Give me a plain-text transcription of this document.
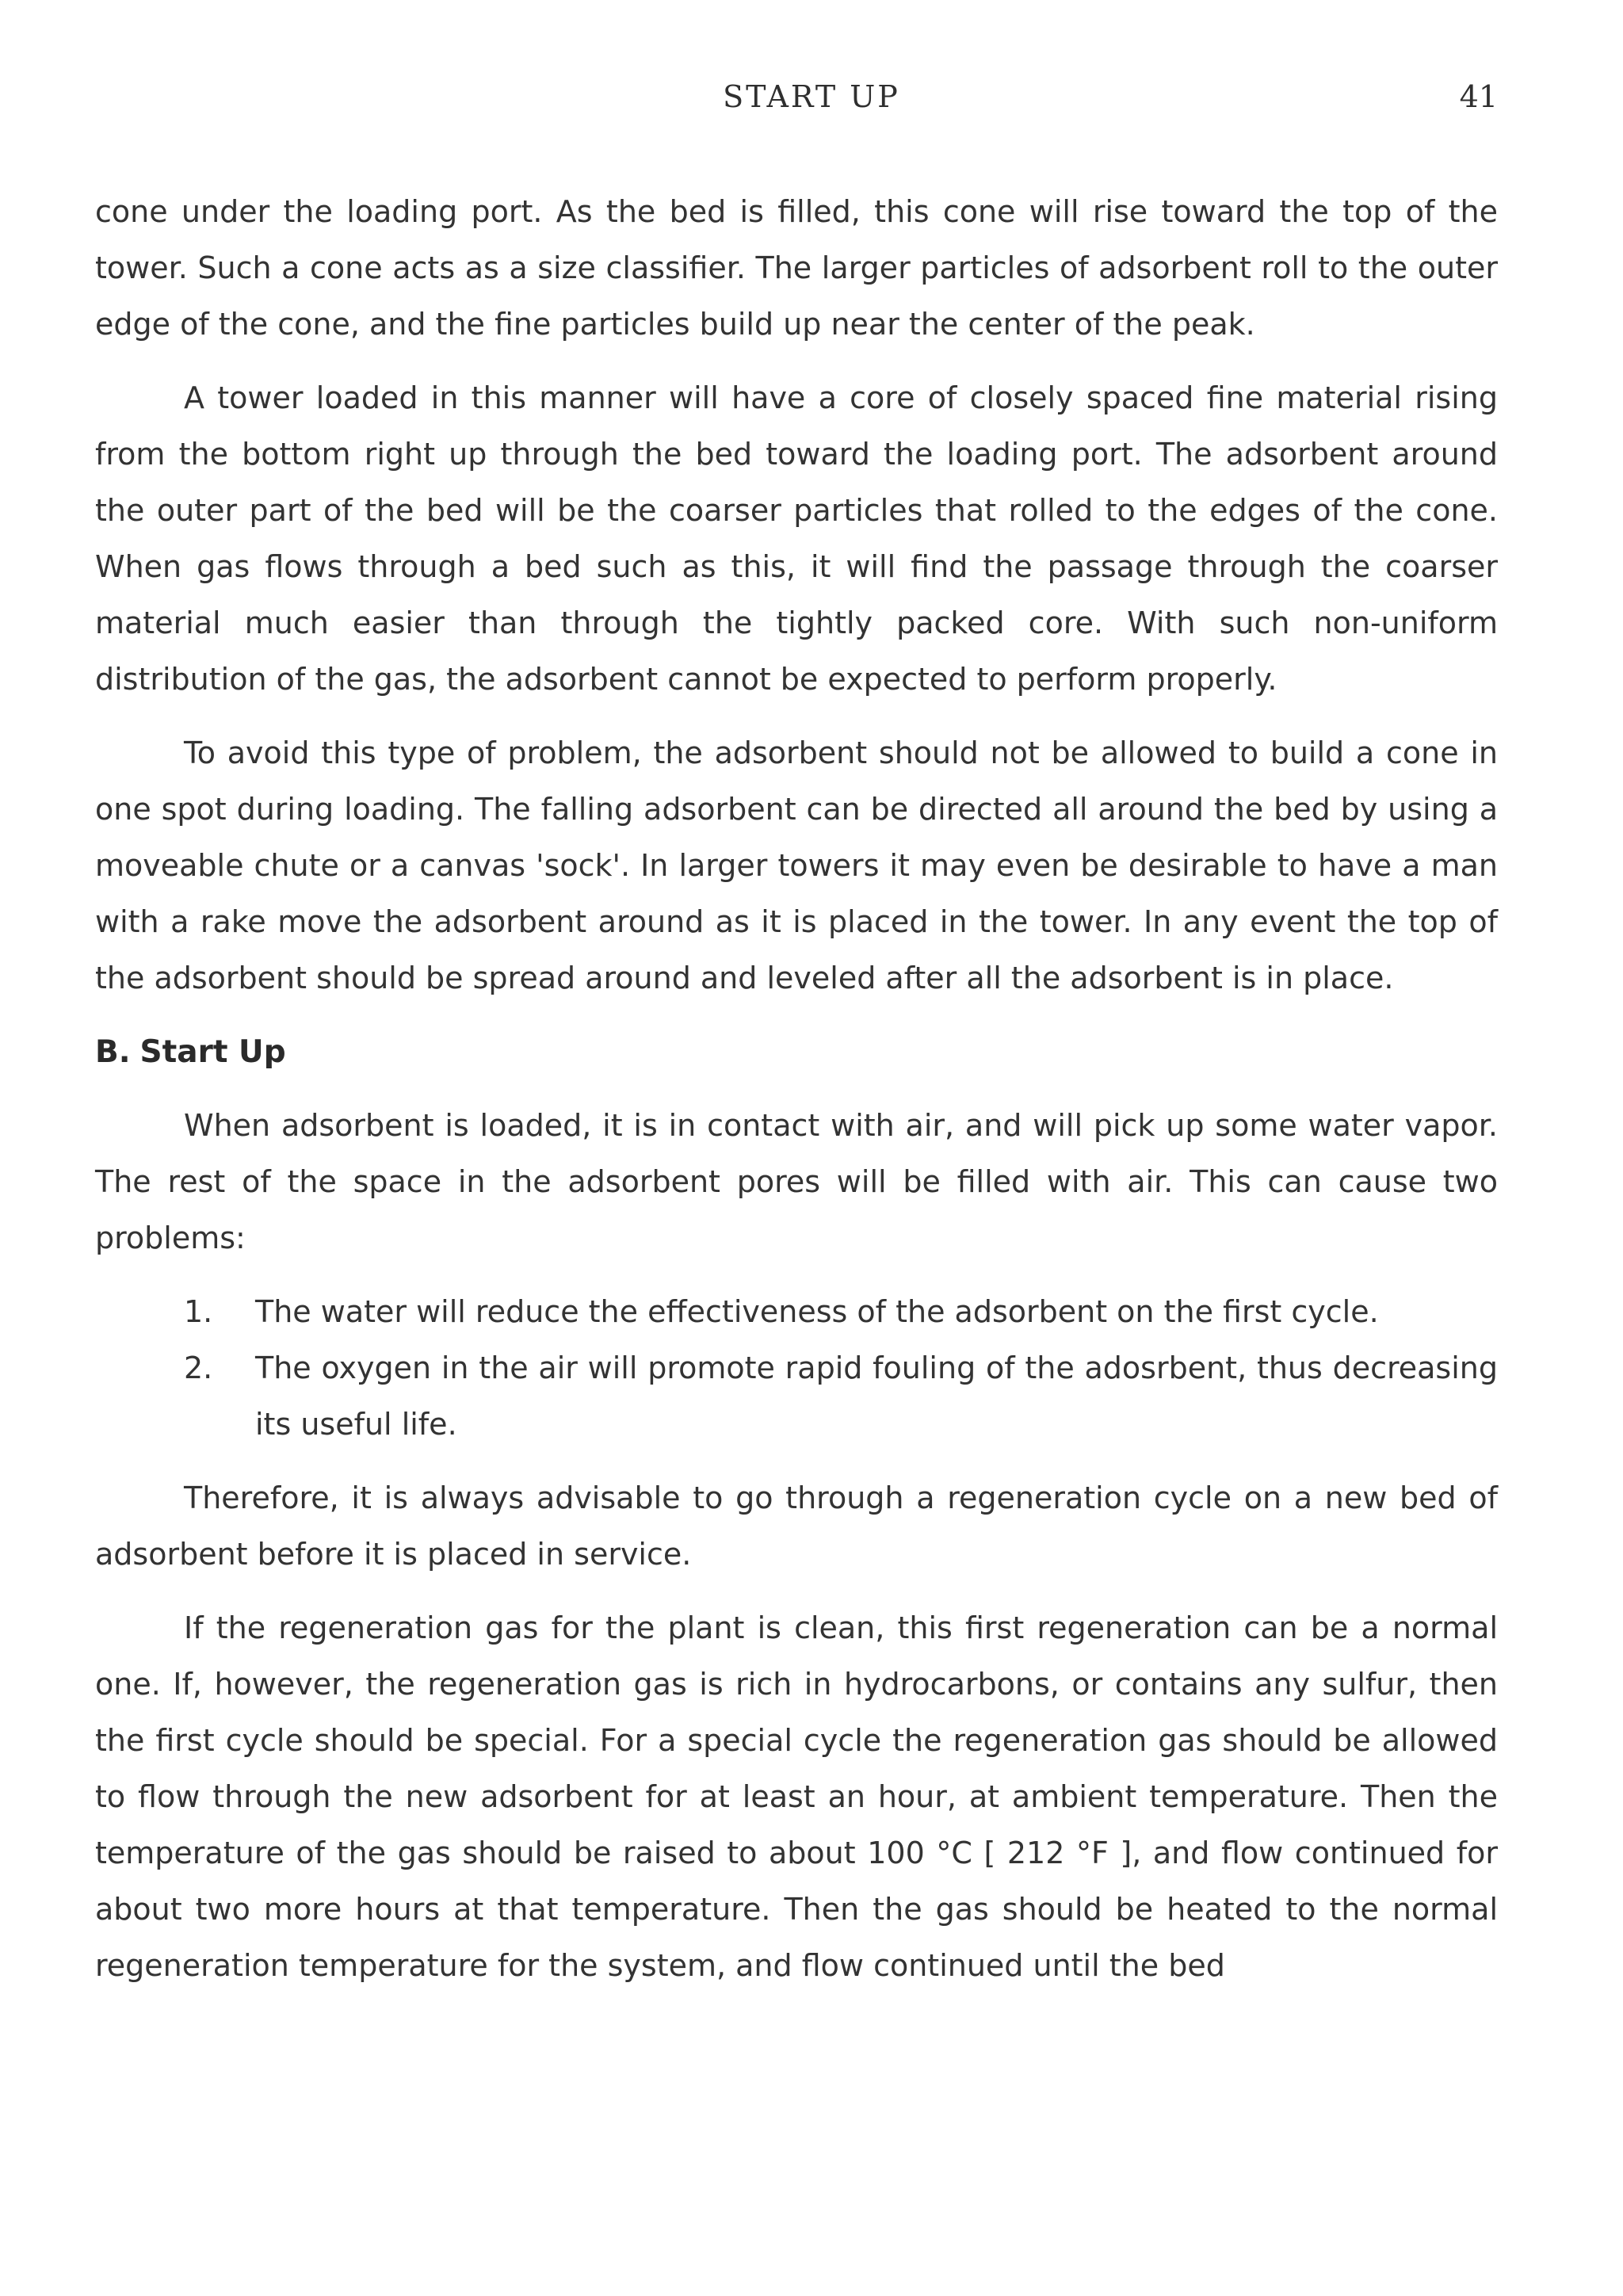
START UP	41

cone under the loading port. As the bed is filled, this cone will rise toward the top of the tower. Such a cone acts as a size classifier. The larger particles of adsorbent roll to the outer edge of the cone, and the fine particles build up near the center of the peak.

A tower loaded in this manner will have a core of closely spaced fine material rising from the bottom right up through the bed toward the loading port. The adsorbent around the outer part of the bed will be the coarser particles that rolled to the edges of the cone. When gas flows through a bed such as this, it will find the passage through the coarser material much easier than through the tightly packed core. With such non-uniform distribution of the gas, the adsorbent cannot be expected to perform properly.

To avoid this type of problem, the adsorbent should not be allowed to build a cone in one spot during loading. The falling adsorbent can be directed all around the bed by using a moveable chute or a canvas 'sock'. In larger towers it may even be desirable to have a man with a rake move the adsorbent around as it is placed in the tower. In any event the top of the adsorbent should be spread around and leveled after all the adsorbent is in place.

B. Start Up

When adsorbent is loaded, it is in contact with air, and will pick up some water vapor. The rest of the space in the adsorbent pores will be filled with air. This can cause two problems:

1. The water will reduce the effectiveness of the adsorbent on the first cycle.
2. The oxygen in the air will promote rapid fouling of the adosrbent, thus decreasing its useful life.

Therefore, it is always advisable to go through a regeneration cycle on a new bed of adsorbent before it is placed in service.

If the regeneration gas for the plant is clean, this first regeneration can be a normal one. If, however, the regeneration gas is rich in hydrocarbons, or contains any sulfur, then the first cycle should be special. For a special cycle the regeneration gas should be allowed to flow through the new adsorbent for at least an hour, at ambient temperature. Then the temperature of the gas should be raised to about 100 °C [ 212 °F ], and flow continued for about two more hours at that temperature. Then the gas should be heated to the normal regeneration temperature for the system, and flow continued until the bed
